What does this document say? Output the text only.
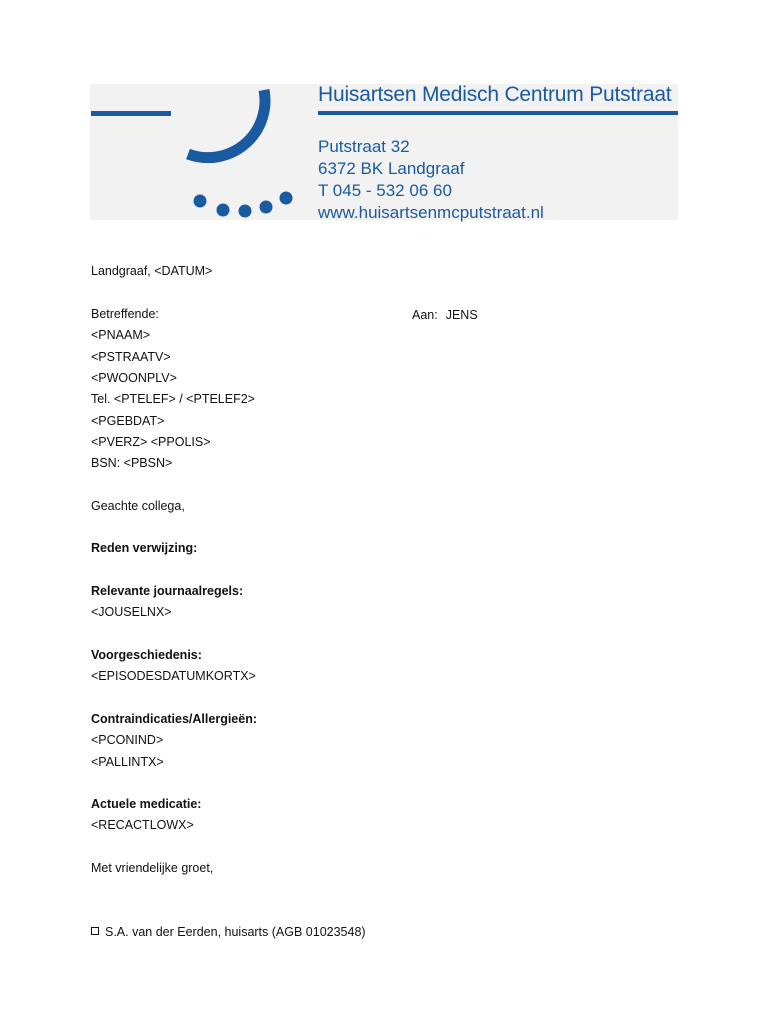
Huisartsen Medisch Centrum Putstraat
Putstraat 32
6372 BK Landgraaf
T 045 - 532 06 60
www.huisartsenmcputstraat.nl
Landgraaf, <DATUM>
Betreffende:	Aan: JENS
<PNAAM>
<PSTRAATV>
<PWOONPLV>
Tel. <PTELEF> / <PTELEF2>
<PGEBDAT>
<PVERZ> <PPOLIS>
BSN: <PBSN>
Geachte collega,
Reden verwijzing:
Relevante journaalregels:
<JOUSELNX>
Voorgeschiedenis:
<EPISODESDATUMKORTX>
Contraindicaties/Allergieën:
<PCONIND>
<PALLINTX>
Actuele medicatie:
<RECACTLOWX>
Met vriendelijke groet,
S.A. van der Eerden, huisarts (AGB 01023548)
